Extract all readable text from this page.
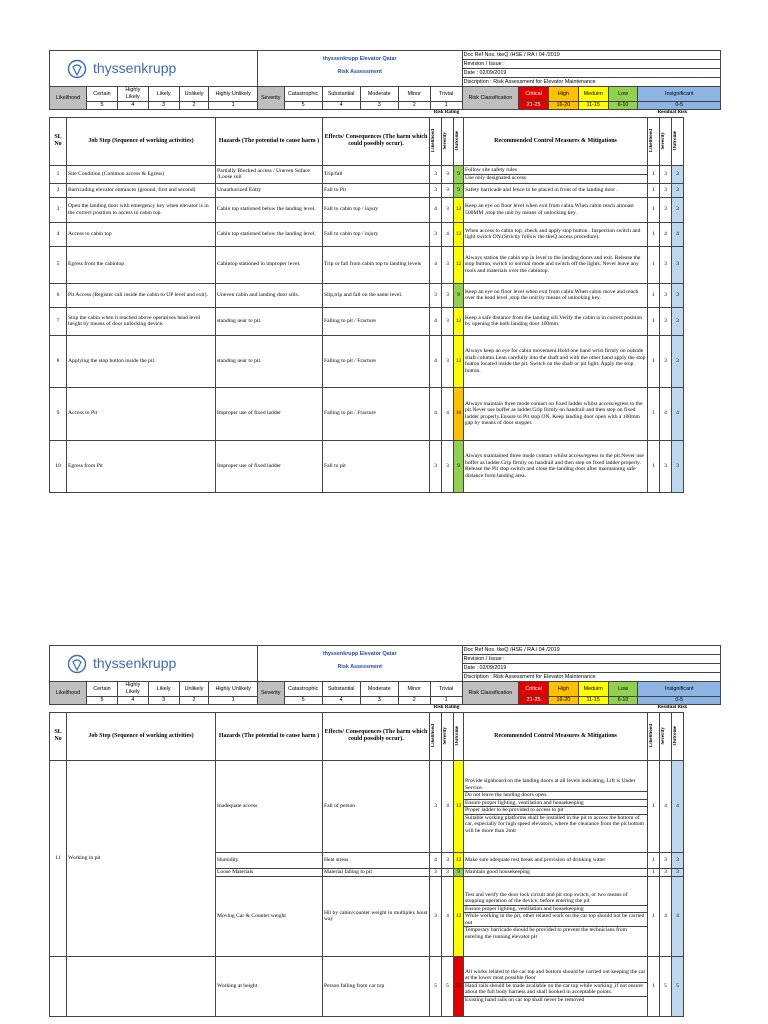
thyssenkrupp						thyssenkrupp Elevator Qatar						Doc Ref Nos. tkeQ /HSE / RA / 04 /2019					
												Revision / Issue :					
						Risk Assessment						Date : 02/09/2019					
												Discription : Risk Assessment for Elevator Maintenance					
Likelihood	Certain	Highly Likely	Likely	Unlikely	Highly Unlikely	Severity	Catastrophic	Substantial	Moderate	Minor	Trivial	Risk Classification	Critical	High	Meduim	Low	Insignificant
	5	4	3	2	1		5	4	3	2	1		21-25	16-20	11-15	6-10	0-5
				Risk Rating				Residual Risk			
SL No	Job Step (Sequence of working activities)	Hazards (The potential to cause harm )	Effects/ Consequences (The harm which could possibly occur).	Likelihood	Severity	Outcome	Recommended Control Measures & Mitigations	Likelihood	Severity	Outcome	

1	Site Condition (Common access & Egress)	Partially Blocked access / Uneven Suface /Loose soil	Trip/fall	3	3	9	Follow site safety rules
Use only designated access	1	3	3	
2	Barricading elevator entrances (ground, first and second)	Unauthorized Entry	Fall to Pit	3	3	9	Safety barricade and fence to be placed in front of the landing door .	1	3	3	
3	Open the landing door with emergency key when elevator is in the correct position to access to cabin top.	Cabin top stationed below the landing level.	Fall to cabin top / injury	4	3	12	Keep an eye on floor level when exit from cabin.When cabin reach almoast 500MM ,stop the unit by means of unlocking key.	1	3	3	
4	Access to cabin top	Cabin top stationed below the landing level.	Fall to cabin top / injury	3	4	12	When access to cabin top ,check and apply stop button . Inspection switch and light switch ON.(Strictly follow the tkeQ access procedure).	1	4	4	
5	Egress from the cabintop	Cabintop stationed in improper level.	Trip or fall from cabin top to landing levels	4	3	12	Always station the cabin top in level to the landing doors and exit. Release the stop button, switch to normal mode and switch off the lights. Never leave any tools and materials over the cabintop.	1	3	3	
6	Pit Access (Register call inside the cabin to UP level and exit).	Uneven cabin and landing door sills.	Slip,trip and fall on the same level.	3	3	9	Keep an eye on floor level when exit from cabin.When cabin move and reach over the head level ,stop the unit by means of unlocking key.	1	3	3	
7	Stop the cabin when it reached above operatives head level height by means of door unlocking device.	standing near to pit.	Falling to pit / Fracture	4	3	12	Keep a safe distance from the landing sill.Verify the cabin is in correct position by opening the both landing door 100mm.	1	3	3	
8	Applying the stop button inside the pit.	standing near to pit.	Falling to pit / Fracture	4	3	12	Always keep an eye for cabin movement.Hold one hand wrist firmly on outside shaft column.Lean carefully into the shaft and with the other hand apply the stop button located inside the pit. Switch on the shaft or pit light. Apply the stop button.	1	3	3	
9	Access to Pit	Improper use of fixed ladder	Falling to pit / Fracture	4	4	16	Always maintain three mode contact on fixed ladder whilst access/egress to the pit.Never use buffer as ladder.Grip firmly on handrail and then step on fixed ladder properly.Ensure to Pit stop ON, Keep landing door open with a 100mm gap by means of door stopper.	1	4	4	
10	Egress from Pit	Improper use of fixed ladder	Fall to pit	3	3	9	Always maintained three mode contact whilst access/egress to the pit.Never use buffer as ladder.Grip firmly on handrail and then step on fixed ladder properly. Release the Pit stop switch and close the landing door after maintaining safe distance form landing area.	1	3	3	
thyssenkrupp						thyssenkrupp Elevator Qatar						Doc Ref Nos. tkeQ /HSE / RA / 04 /2019					
												Revision / Issue :					
						Risk Assessment						Date : 02/09/2019					
												Discription : Risk Assessment for Elevator Maintenance					
Likelihood	Certain	Highly Likely	Likely	Unlikely	Highly Unlikely	Severity	Catastrophic	Substantial	Moderate	Minor	Trivial	Risk Classification	Critical	High	Meduim	Low	Insignificant
	5	4	3	2	1		5	4	3	2	1		21-25	16-20	11-15	6-10	0-5
				Risk Rating				Residual Risk			
SL No	Job Step (Sequence of working activities)	Hazards (The potential to cause harm )	Effects/ Consequences (The harm which could possibly occur).	Likelihood	Severity	Outcome	Recommended Control Measures & Mitigations	Likelihood	Severity	Outcome	

11	Working in pit	Inadequate access	Fall of person	3	4	12	Provide signboard on the landing doors at all levels indicating, Lift is Under Service.
Do not leave the landing doors open.
Ensure proper lighting, ventilation and housekeeping
Proper ladder to be provided to access to pit
Suitable working platforms shall be installed in the pit to access the bottom of car, especially for high speed elevators, where the clearance from the pit bottom will be more than 2mtr	1	4	4	
		Humidity	Heat stress	4	3	12	Make sure adequate rest break and provision of drinking water	1	3	3	
		Loose Materials	Material falling to pit	3	3	9	Maintain good housekeeping	1	3	3	
		Moving Car & Counter weight	Hit by cabin/counter weight in multiplex hoist way	3	4	12	Test and verify the door lock circuit and pit stop switch, or two means of stopping operation of the device, before entering the pit
Ensure proper lighting, ventilation and housekeeping
While working in the pit, other related work on the car top should not be carried out
Temporary barricade should be provided to prevent the technicians from entering the running elevator pit	1	4	4	
		Working at height	Person falling from car top	5	5	25	All works related to the car top and bottom should be carried out keeping the car at the lower most possible floor
Hand rails should be made available on the car top while working ,if not ensure about the full body harness and shall hooked in acceptable points.
Existing hand rails on car top shall never be removed	1	5	5	
